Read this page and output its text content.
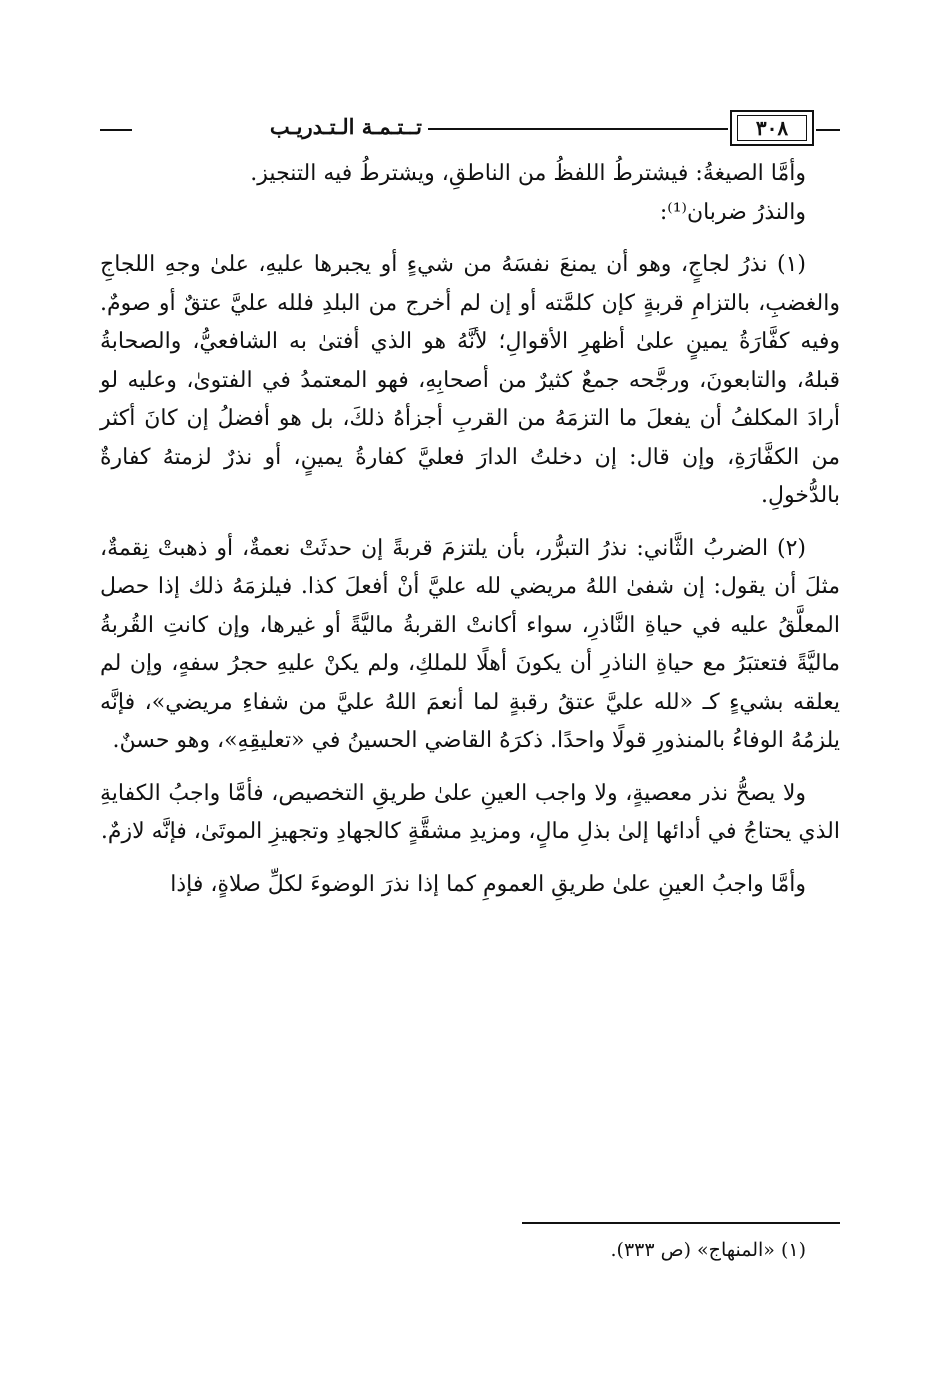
٣٠٨
تــتـمـة الـتـدريـب

وأمَّا الصيغةُ: فيشترطُ اللفظُ من الناطقِ، ويشترطُ فيه التنجيز.

والنذرُ ضربان⁽¹⁾:

(١) نذرُ لجاجٍ، وهو أن يمنعَ نفسَهُ من شيءٍ أو يجبرها عليهِ، علىٰ وجهِ اللجاجِ والغضبِ، بالتزامِ قربةٍ كإن كلمَّته أو إن لم أخرج من البلدِ فلله عليَّ عتقٌ أو صومٌ. وفيه كفَّارَةُ يمينٍ علىٰ أظهرِ الأقوالِ؛ لأنَّهُ هو الذي أفتىٰ به الشافعيُّ، والصحابةُ قبلهُ، والتابعونَ، ورجَّحه جمعٌ كثيرٌ من أصحابِهِ، فهو المعتمدُ في الفتوىٰ، وعليه لو أرادَ المكلفُ أن يفعلَ ما التزمَهُ من القربِ أجزأهُ ذلكَ، بل هو أفضلُ إن كانَ أكثر من الكفَّارَةِ، وإن قال: إن دخلتُ الدارَ فعليَّ كفارةُ يمينٍ، أو نذرٌ لزمتهُ كفارةٌ بالدُّخولِ.

(٢) الضربُ الثَّاني: نذرُ التبرُّر، بأن يلتزمَ قربةً إن حدثَتْ نعمةٌ، أو ذهبتْ نِقمةٌ، مثلَ أن يقول: إن شفىٰ اللهُ مريضي لله عليَّ أنْ أفعلَ كذا. فيلزمَهُ ذلك إذا حصل المعلَّقُ عليه في حياةِ النَّاذرِ، سواء أكانتْ القربةُ ماليَّةً أو غيرها، وإن كانتِ القُربةُ ماليَّةً فتعتبَرُ مع حياةِ الناذرِ أن يكونَ أهلًا للملكِ، ولم يكنْ عليهِ حجرُ سفهٍ، وإن لم يعلقه بشيءٍ كـ «لله عليَّ عتقُ رقبةٍ لما أنعمَ اللهُ عليَّ من شفاءِ مريضي»، فإنَّه يلزمُهُ الوفاءُ بالمنذورِ قولًا واحدًا. ذكرَهُ القاضي الحسينُ في «تعليقِهِ»، وهو حسنٌ.

ولا يصحُّ نذر معصيةٍ، ولا واجب العينِ علىٰ طريقِ التخصيص، فأمَّا واجبُ الكفايةِ الذي يحتاجُ في أدائها إلىٰ بذلِ مالٍ، ومزيدِ مشقَّةٍ كالجهادِ وتجهيزِ الموتَىٰ، فإنَّه لازمٌ.

وأمَّا واجبُ العينِ علىٰ طريقِ العمومِ كما إذا نذرَ الوضوءَ لكلِّ صلاةٍ، فإذا

(١) «المنهاج» (ص ٣٣٣).
